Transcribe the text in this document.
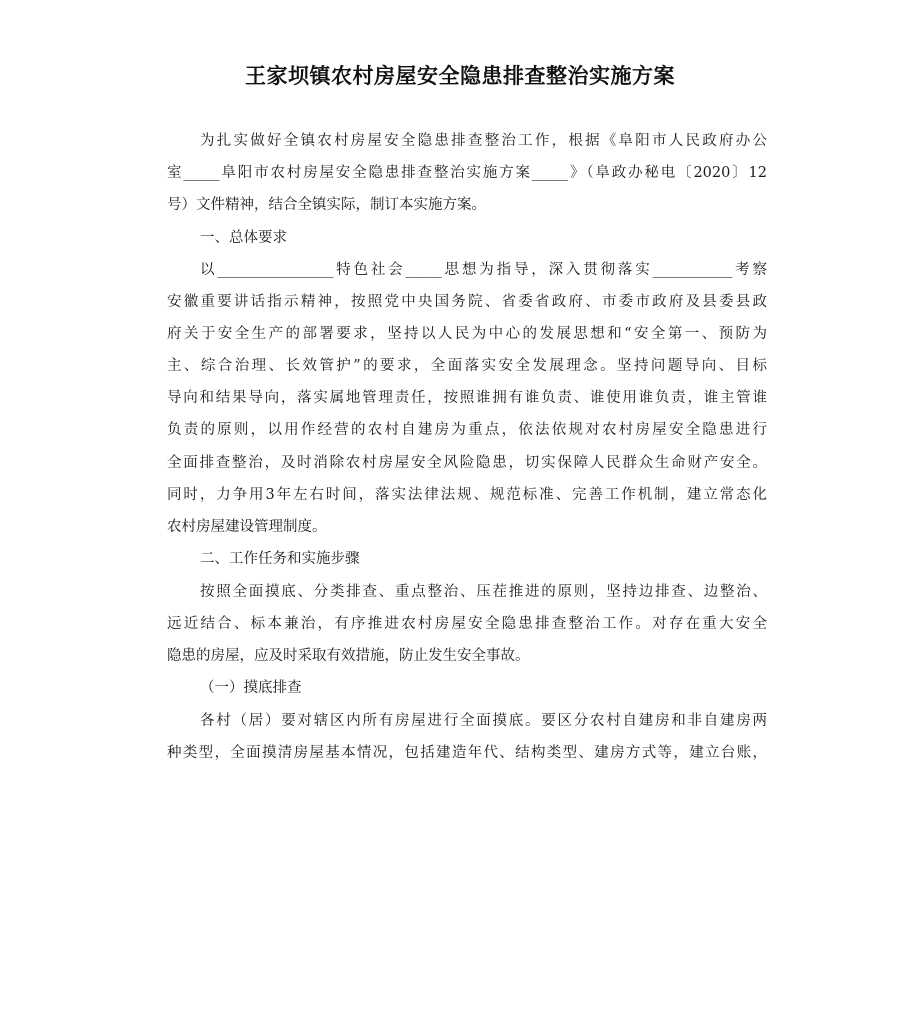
王家坝镇农村房屋安全隐患排查整治实施方案
为扎实做好全镇农村房屋安全隐患排查整治工作，根据《阜阳市人民政府办公
室_____阜阳市农村房屋安全隐患排查整治实施方案_____》（阜政办秘电〔2020〕12
号）文件精神，结合全镇实际，制订本实施方案。
一、总体要求
以________________特色社会_____思想为指导，深入贯彻落实___________考察
安徽重要讲话指示精神，按照党中央国务院、省委省政府、市委市政府及县委县政
府关于安全生产的部署要求，坚持以人民为中心的发展思想和“安全第一、预防为
主、综合治理、长效管护”的要求，全面落实安全发展理念。坚持问题导向、目标
导向和结果导向，落实属地管理责任，按照谁拥有谁负责、谁使用谁负责，谁主管谁
负责的原则，以用作经营的农村自建房为重点，依法依规对农村房屋安全隐患进行
全面排查整治，及时消除农村房屋安全风险隐患，切实保障人民群众生命财产安全。
同时，力争用3年左右时间，落实法律法规、规范标准、完善工作机制，建立常态化
农村房屋建设管理制度。
二、工作任务和实施步骤
按照全面摸底、分类排查、重点整治、压茬推进的原则，坚持边排查、边整治、
远近结合、标本兼治，有序推进农村房屋安全隐患排查整治工作。对存在重大安全
隐患的房屋，应及时采取有效措施，防止发生安全事故。
（一）摸底排查
各村（居）要对辖区内所有房屋进行全面摸底。要区分农村自建房和非自建房两
种类型，全面摸清房屋基本情况，包括建造年代、结构类型、建房方式等，建立台账，
